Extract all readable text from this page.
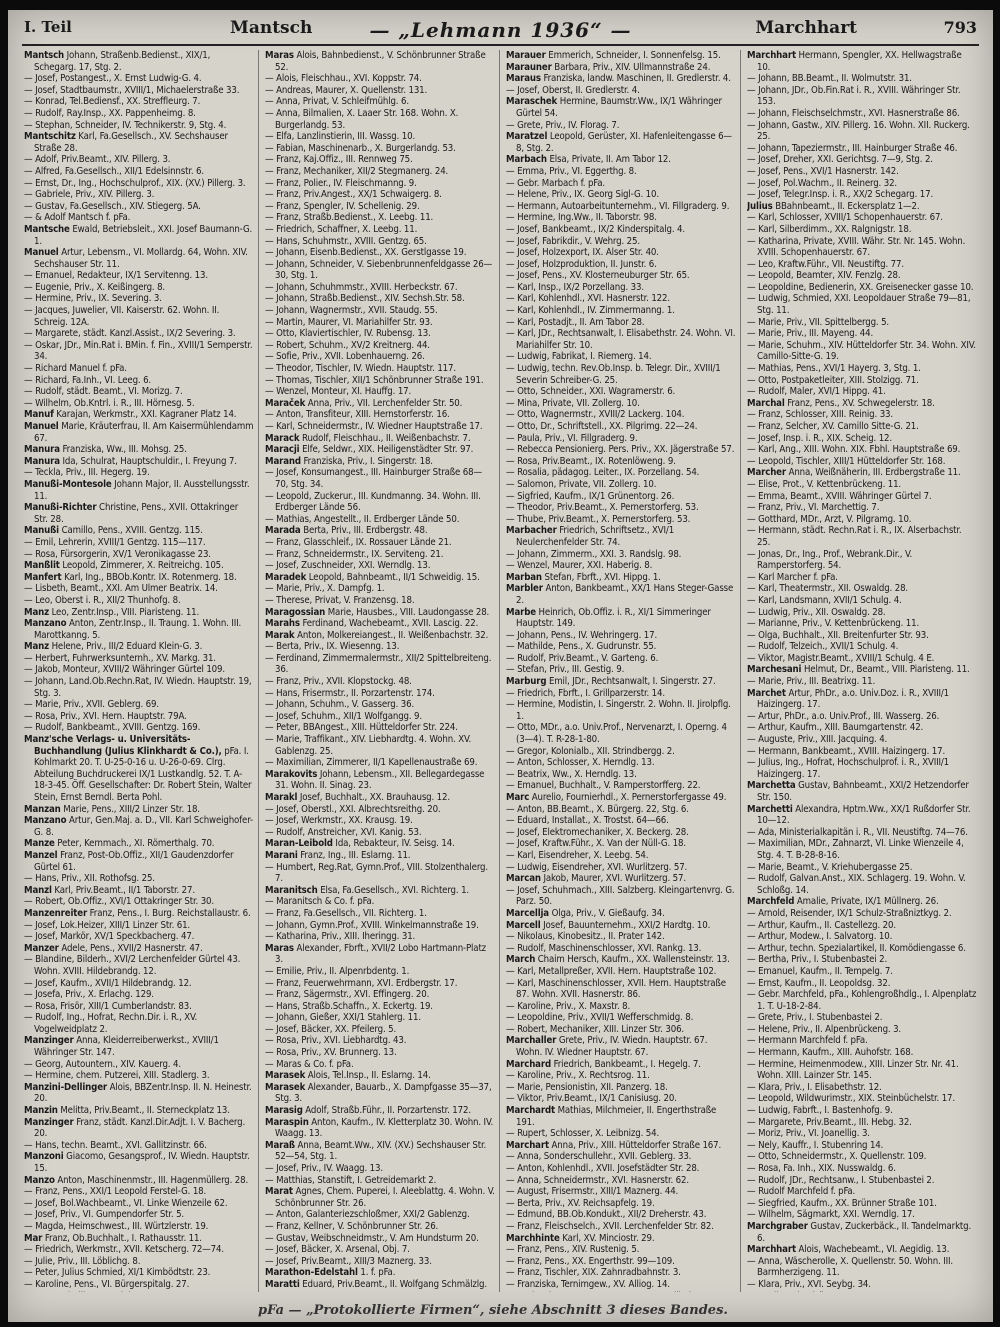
I. Teil	Mantsch	— „Lehmann 1936“ —	Marchhart	793

Mantsch Johann, Straßenb.Bedienst., XIX/1, Schegarg. 17, Stg. 2.

— Josef, Postangest., X. Ernst Ludwig-G. 4.

— Josef, Stadtbaumstr., XVIII/1, Michaelerstraße 33.

— Konrad, Tel.Bediensf., XX. Streffleurg. 7.

— Rudolf, Ray.Insp., XX. Pappenheimg. 8.

— Stephan, Schneider, IV. Technikerstr. 9, Stg. 4.

Mantschitz Karl, Fa.Gesellsch., XV. Sechshauser Straße 28.

— Adolf, Priv.Beamt., XIV. Pillerg. 3.

— Alfred, Fa.Gesellsch., XII/1 Edelsinnstr. 6.

— Ernst, Dr., Ing., Hochschulprof., XIX. (XV.) Pillerg. 3.

— Gabriele, Priv., XIV. Pillerg. 3.

— Gustav, Fa.Gesellsch., XIV. Stiegerg. 5A.

— & Adolf Mantsch f. pFa.

Mantsche Ewald, Betriebsleit., XXI. Josef Baumann-G. 1.

Manuel Artur, Lebensm., VI. Mollardg. 64, Wohn. XIV. Sechshauser Str. 11.

— Emanuel, Redakteur, IX/1 Servitenng. 13.

— Eugenie, Priv., X. Keißingerg. 8.

— Hermine, Priv., IX. Severing. 3.

— Jacques, Juwelier, VII. Kaiserstr. 62. Wohn. II. Schreig. 12A.

— Margarete, städt. Kanzl.Assist., IX/2 Severing. 3.

— Oskar, JDr., Min.Rat i. BMin. f. Fin., XVIII/1 Semperstr. 34.

— Richard Manuel f. pFa.

— Richard, Fa.Inh., VI. Leeg. 6.

— Rudolf, städt. Beamt., VI. Morizg. 7.

— Wilhelm, Ob.Kntrl. i. R., III. Hörnesg. 5.

Manuf Karajan, Werkmstr., XXI. Kagraner Platz 14.

Manuel Marie, Kräuterfrau, II. Am Kaisermühlendamm 67.

Manura Franziska, Ww., III. Mohsg. 25.

Manura Ida, Schulrat, Hauptschuldir., I. Freyung 7.

— Teckla, Priv., III. Hegerg. 19.

Manußi-Montesole Johann Major, II. Ausstellungsstr. 11.

Manußi-Richter Christine, Pens., XVII. Ottakringer Str. 28.

Manußi Camillo, Pens., XVIII. Gentzg. 115.

— Emil, Lehrerin, XVIII/1 Gentzg. 115—117.

— Rosa, Fürsorgerin, XV/1 Veronikagasse 23.

Manßlit Leopold, Zimmerer, X. Reitreichg. 105.

Manfert Karl, Ing., BBOb.Kontr. IX. Rotenmerg. 18.

— Lisbeth, Beamt., XXI. Am Ulmer Beatrix. 14.

— Leo, Oberst i. R., XII/2 Thunhofg. 8.

Manz Leo, Zentr.Insp., VIII. Piaristeng. 11.

Manzano Anton, Zentr.Insp., II. Traung. 1. Wohn. III. Marottkanng. 5.

Manz Helene, Priv., III/2 Eduard Klein-G. 3.

— Herbert, Fuhrwerksunternh., XV. Markg. 31.

— Jakob, Monteur, XVIII/2 Währinger Gürtel 109.

— Johann, Land.Ob.Rechn.Rat, IV. Wiedn. Hauptstr. 19, Stg. 3.

— Marie, Priv., XVII. Geblerg. 69.

— Rosa, Priv., XVI. Hern. Hauptstr. 79A.

— Rudolf, Bankbeamt., XVIII. Gentzg. 169.

Manz'sche Verlags- u. Universitäts-Buchhandlung (Julius Klinkhardt & Co.), pFa. I. Kohlmarkt 20. T. U-25-0-16 u. U-26-0-69. Clrg. Abteilung Buchdruckerei IX/1 Lustkandlg. 52. T. A-18-3-45. Öff. Gesellschafter: Dr. Robert Stein, Walter Stein, Ernst Berndl. Berta Pohl.

Manzan Marie, Pens., XIII/2 Linzer Str. 18.

Manzano Artur, Gen.Maj. a. D., VII. Karl Schweighofer-G. 8.

Manze Peter, Kernmach., XI. Römerthalg. 70.

Manzel Franz, Post-Ob.Offiz., XII/1 Gaudenzdorfer Gürtel 61.

— Hans, Priv., XII. Rothofsg. 25.

Manzl Karl, Priv.Beamt., II/1 Taborstr. 27.

— Robert, Ob.Offiz., XVI/1 Ottakringer Str. 30.

Manzenreiter Franz, Pens., I. Burg. Reichstallaustr. 6.

— Josef, Lok.Heizer, XIII/1 Linzer Str. 61.

— Josef, Markör, XV/1 Speckbacherg. 47.

Manzer Adele, Pens., XVII/2 Hasnerstr. 47.

— Blandine, Bilderh., XVI/2 Lerchenfelder Gürtel 43. Wohn. XVIII. Hildebrandg. 12.

— Josef, Kaufm., XVII/1 Hildebrandg. 12.

— Josefa, Priv., X. Erlachg. 129.

— Rosa, Frisör, XIII/1 Cumberlandstr. 83.

— Rudolf, Ing., Hofrat, Rechn.Dir. i. R., XV. Vogelweidplatz 2.

Manzinger Anna, Kleiderreiberwerkst., XVIII/1 Währinger Str. 147.

— Georg, Autountern., XIV. Kauerg. 4.

— Hermine, chem. Putzerei, XIII. Stadlerg. 3.

Manzini-Dellinger Alois, BBZentr.Insp. II. N. Heinestr. 20.

Manzin Melitta, Priv.Beamt., II. Sterneckplatz 13.

Manzinger Franz, städt. Kanzl.Dir.Adjt. I. V. Bacherg. 20.

— Hans, techn. Beamt., XVI. Gallitzinstr. 66.

Manzoni Giacomo, Gesangsprof., IV. Wiedn. Hauptstr. 15.

Manzo Anton, Maschinenmstr., III. Hagenmüllerg. 28.

— Franz, Pens., XXI/1 Leopold Ferstel-G. 18.

— Josef, Bol.Wachbeamt., VI. Linke Wienzeile 62.

— Josef, Priv., VI. Gumpendorfer Str. 5.

— Magda, Heimschwest., III. Würtzlerstr. 19.

Mar Franz, Ob.Buchhalt., I. Rathausstr. 11.

— Friedrich, Werkmstr., XVII. Ketscherg. 72—74.

— Julie, Priv., III. Löblichg. 8.

— Peter, Julius Schmied, XI/1 Kimbödtstr. 23.

— Karoline, Pens., VI. Bürgerspitalg. 27.

Maras Alois, Bahnbedienst., V. Schönbrunner Straße 52.

— Alois, Fleischhau., XVI. Koppstr. 74.

— Andreas, Maurer, X. Quellenstr. 131.

— Anna, Privat, V. Schleifmühlg. 6.

— Anna, Bilmalien, X. Laaer Str. 168. Wohn. X. Burgerlandg. 53.

— Elfa, Lanzlinstierin, III. Wassg. 10.

— Fabian, Maschinenarb., X. Burgerlandg. 53.

— Franz, Kaj.Offiz., III. Rennweg 75.

— Franz, Mechaniker, XII/2 Stegmanerg. 24.

— Franz, Polier., IV. Fleischmanng. 9.

— Franz, Priv.Angest., XX/1 Schwaigerg. 8.

— Franz, Spengler, IV. Schellenig. 29.

— Franz, Straßb.Bedienst., X. Leebg. 11.

— Friedrich, Schaffner, X. Leebg. 11.

— Hans, Schuhmstr., XVIII. Gentzg. 65.

— Johann, Eisenb.Bedienst., XX. Gerstlgasse 19.

— Johann, Schneider, V. Siebenbrunnenfeldgasse 26—30, Stg. 1.

— Johann, Schuhmmstr., XVIII. Herbeckstr. 67.

— Johann, Straßb.Bedienst., XIV. Sechsh.Str. 58.

— Johann, Wagnermstr., XVII. Staudg. 55.

— Martin, Maurer, VI. Mariahilfer Str. 93.

— Otto, Klaviertischler, IV. Rubensg. 13.

— Robert, Schuhm., XV/2 Kreitnerg. 44.

— Sofie, Priv., XVII. Lobenhauerng. 26.

— Theodor, Tischler, IV. Wiedn. Hauptstr. 117.

— Thomas, Tischler, XII/1 Schönbrunner Straße 191.

— Wenzel, Monteur, XI. Hauffg. 17.

Maraček Anna, Priv., VII. Lerchenfelder Str. 50.

— Anton, Transfiteur, XIII. Hernstorferstr. 16.

— Karl, Schneidermstr., IV. Wiedner Hauptstraße 17.

Marack Rudolf, Fleischhau., II. Weißenbachstr. 7.

Maracji Elfe, Seldwr., XIX. Heiligenstädter Str. 97.

Marand Franziska, Priv., I. Singerstr. 18.

— Josef, Konsumangest., III. Hainburger Straße 68—70, Stg. 34.

— Leopold, Zuckerur., III. Kundmanng. 34. Wohn. III. Erdberger Lände 56.

— Mathias, Angestellt., II. Erdberger Lände 50.

Marada Berta, Priv., III. Erdbergstr. 48.

— Franz, Glasschleif., IX. Rossauer Lände 21.

— Franz, Schneidermstr., IX. Serviteng. 21.

— Josef, Zuschneider, XXI. Werndlg. 13.

Maradek Leopold, Bahnbeamt., II/1 Schweidig. 15.

— Marie, Priv., X. Dampfg. 1.

— Therese, Privat, V. Franzensg. 18.

Maragossian Marie, Hausbes., VIII. Laudongasse 28.

Marahs Ferdinand, Wachebeamt., XVII. Lascig. 22.

Marak Anton, Molkereiangest., II. Weißenbachstr. 32.

— Berta, Priv., IX. Wiesenng. 13.

— Ferdinand, Zimmermalermstr., XII/2 Spittelbreiteng. 36.

— Franz, Priv., XVII. Klopstockg. 48.

— Hans, Frisermstr., II. Porzartenstr. 174.

— Johann, Schuhm., V. Gasserg. 36.

— Josef, Schuhm., XII/1 Wolfgangg. 9.

— Peter, BBAngest., XIII. Hütteldorfer Str. 224.

— Marie, Traffikant., XIV. Liebhardtg. 4. Wohn. XV. Gablenzg. 25.

— Maximilian, Zimmerer, II/1 Kapellenaustraße 69.

Marakovits Johann, Lebensm., XII. Bellegardegasse 31. Wohn. II. Sinag. 23.

Marakl Josef, Buchhalt., XX. Brauhausg. 12.

— Josef, Oberstl., XXI. Albrechtsreithg. 20.

— Josef, Werkmstr., XX. Krausg. 19.

— Rudolf, Anstreicher, XVI. Kanig. 53.

Maran-Leibold Ida, Rebakteur, IV. Seisg. 14.

Marani Franz, Ing., III. Eslarng. 11.

— Humbert, Reg.Rat, Gymn.Prof., VIII. Stolzenthalerg. 7.

Maranitsch Elsa, Fa.Gesellsch., XVI. Richterg. 1.

— Maranitsch & Co. f. pFa.

— Franz, Fa.Gesellsch., VII. Richterg. 1.

— Johann, Gymn.Prof., XVIII. Winkelmannstraße 19.

— Katharina, Priv., XIII. Iheringg. 31.

Maras Alexander, Fbrft., XVII/2 Lobo Hartmann-Platz 3.

— Emilie, Priv., II. Alpenrbdentg. 1.

— Franz, Feuerwehrmann, XVI. Erdbergstr. 17.

— Franz, Sägermstr., XVI. Effingerg. 20.

— Hans, Straßb.Schaffn., X. Eckertg. 19.

— Johann, Gießer, XXI/1 Stahlerg. 11.

— Josef, Bäcker, XX. Pfeilerg. 5.

— Rosa, Priv., XVI. Liebhardtg. 43.

— Rosa, Priv., XV. Brunnerg. 13.

— Maras & Co. f. pFa.

Marasek Alois, Tel.Insp., II. Eslarng. 14.

Marasek Alexander, Bauarb., X. Dampfgasse 35—37, Stg. 3.

Marasig Adolf, Straßb.Führ., II. Porzartenstr. 172.

Maraspin Anton, Kaufm., IV. Kletterplatz 30. Wohn. IV. Waagg. 13.

Maraß Anna, Beamt.Ww., XIV. (XV.) Sechshauser Str. 52—54, Stg. 1.

— Josef, Priv., IV. Waagg. 13.

— Matthias, Stanstift, I. Getreidemarkt 2.

Marat Agnes, Chem. Puperei, I. Aleeblattg. 4. Wohn. V. Schönbrunner Str. 26.

— Anton, Galanteriezschloßmer, XXI/2 Gablenzg.

— Franz, Kellner, V. Schönbrunner Str. 26.

— Gustav, Weibschneidmstr., V. Am Hundsturm 20.

— Josef, Bäcker, X. Arsenal, Obj. 7.

— Josef, Priv.Beamt., XIII/3 Maznerg. 33.

Marathon-Edelstahl 1. f. pFa.

Maratti Eduard, Priv.Beamt., II. Wolfgang Schmälzlg.

Marauer Emmerich, Schneider, I. Sonnenfelsg. 15.

Marauner Barbara, Priv., XIV. Ullmannstraße 24.

Maraus Franziska, landw. Maschinen, II. Gredlerstr. 4.

— Josef, Oberst, II. Gredlerstr. 4.

Maraschek Hermine, Baumstr.Ww., IX/1 Währinger Gürtel 54.

— Grete, Priv., IV. Florag. 7.

Maratzel Leopold, Gerüster, XI. Hafenleitengasse 6—8, Stg. 2.

Marbach Elsa, Private, II. Am Tabor 12.

— Emma, Priv., VI. Eggerthg. 8.

— Gebr. Marbach f. pFa.

— Helene, Priv., IX. Georg Sigl-G. 10.

— Hermann, Autoarbeitunternehm., VI. Fillgraderg. 9.

— Hermine, Ing.Ww., II. Taborstr. 98.

— Josef, Bankbeamt., IX/2 Kinderspitalg. 4.

— Josef, Fabrikdir., V. Wehrg. 25.

— Josef, Holzexport, IX. Alser Str. 40.

— Josef, Holzproduktion, II. Junstr. 6.

— Josef, Pens., XV. Klosterneuburger Str. 65.

— Karl, Insp., IX/2 Porzellang. 33.

— Karl, Kohlenhdl., XVI. Hasnerstr. 122.

— Karl, Kohlenhdl., IV. Zimmermanng. 1.

— Karl, Postadjt., II. Am Tabor 28.

— Karl, JDr., Rechtsanwalt, I. Elisabethstr. 24. Wohn. VI. Mariahilfer Str. 10.

— Ludwig, Fabrikat, I. Riemerg. 14.

— Ludwig, techn. Rev.Ob.Insp. b. Telegr. Dir., XVIII/1 Severin Schreiber-G. 25.

— Otto, Schneider., XXI. Wagramerstr. 6.

— Mina, Private, VII. Zollerg. 10.

— Otto, Wagnermstr., XVIII/2 Lackerg. 104.

— Otto, Dr., Schriftstell., XX. Pilgrimg. 22—24.

— Paula, Priv., VI. Fillgraderg. 9.

— Rebecca Pensionierg. Pers. Priv., XX. Jägerstraße 57.

— Rosa, Priv.Beamt., IX. Rotenlöweng. 9.

— Rosalia, pädagog. Leiter., IX. Porzellang. 54.

— Salomon, Private, VII. Zollerg. 10.

— Sigfried, Kaufm., IX/1 Grünentorg. 26.

— Theodor, Priv.Beamt., X. Pernerstorferg. 53.

— Thube, Priv.Beamt., X. Pernerstorferg. 53.

Marbacher Friedrich, Schriftsetz., XVI/1 Neulerchenfelder Str. 74.

— Johann, Zimmerm., XXI. 3. Randslg. 98.

— Wenzel, Maurer, XXI. Haberig. 8.

Marban Stefan, Fbrft., XVI. Hippg. 1.

Marbler Anton, Bankbeamt., XX/1 Hans Steger-Gasse 2.

Marbe Heinrich, Ob.Offiz. i. R., XI/1 Simmeringer Hauptstr. 149.

— Johann, Pens., IV. Wehringerg. 17.

— Mathilde, Pens., X. Gudrunstr. 55.

— Rudolf, Priv.Beamt., V. Garteng. 6.

— Stefan, Priv., III. Gestig. 9.

Marburg Emil, JDr., Rechtsanwalt, I. Singerstr. 27.

— Friedrich, Fbrft., I. Grillparzerstr. 14.

— Hermine, Modistin, I. Singerstr. 2. Wohn. II. Jirolpflg. 1.

— Otto, MDr., a.o. Univ.Prof., Nervenarzt, I. Operng. 4 (3—4). T. R-28-1-80.

— Gregor, Kolonialb., XII. Strindbergg. 2.

— Anton, Schlosser, X. Herndlg. 13.

— Beatrix, Ww., X. Herndlg. 13.

— Emanuel, Buchhalt., V. Ramperstorfferg. 22.

Marc Aurelio, Fournierhdl., X. Pernerstorfergasse 49.

— Anton, BB.Beamt., X. Bürgerg. 22, Stg. 6.

— Eduard, Installat., X. Trostst. 64—66.

— Josef, Elektromechaniker, X. Beckerg. 28.

— Josef, Kraftw.Führ., X. Van der Nüll-G. 18.

— Karl, Eisendreher, X. Leebg. 54.

— Ludwig, Eisendreher, XVI. Wurlitzerg. 57.

Marcan Jakob, Maurer, XVI. Wurlitzerg. 57.

— Josef, Schuhmach., XIII. Salzberg. Kleingartenvrg. G. Parz. 50.

Marcellja Olga, Priv., V. Gießaufg. 34.

Marcell Josef, Bauunternehm., XXI/2 Hardtg. 10.

— Nikolaus, Kinobesitz., II. Prater 142.

— Rudolf, Maschinenschlosser, XVI. Rankg. 13.

March Chaim Hersch, Kaufm., XX. Wallensteinstr. 13.

— Karl, Metallpreßer, XVII. Hern. Hauptstraße 102.

— Karl, Maschinenschlosser, XVII. Hern. Hauptstraße 87. Wohn. XVII. Hasnerstr. 86.

— Karoline, Priv., X. Maxstr. 8.

— Leopoldine, Priv., XVII/1 Wefferschmidg. 8.

— Robert, Mechaniker, XIII. Linzer Str. 306.

Marchaller Grete, Priv., IV. Wiedn. Hauptstr. 67. Wohn. IV. Wiedner Hauptstr. 67.

Marchard Friedrich, Bankbeamt., I. Hegelg. 7.

— Karoline, Priv., X. Rechtsrog. 11.

— Marie, Pensionistin, XII. Panzerg. 18.

— Viktor, Priv.Beamt., IX/1 Canisiusg. 20.

Marchardt Mathias, Milchmeier, II. Engerthstraße 191.

— Rupert, Schlosser, X. Leibnizg. 54.

Marchart Anna, Priv., XIII. Hütteldorfer Straße 167.

— Anna, Sonderschullehr., XVII. Geblerg. 33.

— Anton, Kohlenhdl., XVII. Josefstädter Str. 28.

— Anna, Schneidermstr., XVI. Hasnerstr. 62.

— August, Frisermstr., XIII/1 Maznerg. 44.

— Berta, Priv., XV. Reichsapfelg. 19.

— Edmund, BB.Ob.Kondukt., XII/2 Dreherstr. 43.

— Franz, Fleischselch., XVII. Lerchenfelder Str. 82.

Marchhinte Karl, XV. Minciostr. 29.

— Franz, Pens., XIV. Rustenig. 5.

— Franz, Pens., XX. Engerthstr. 99—109.

— Franz, Tischler, XIX. Zahnradbahnstr. 3.

— Franziska, Ternimgew., XV. Alliog. 14.

Marchhart Hermann, Spengler, XX. Hellwagstraße 10.

— Johann, BB.Beamt., II. Wolmutstr. 31.

— Johann, JDr., Ob.Fin.Rat i. R., XVIII. Währinger Str. 153.

— Johann, Fleischselchmstr., XVI. Hasnerstraße 86.

— Johann, Gastw., XIV. Pillerg. 16. Wohn. XII. Ruckerg. 25.

— Johann, Tapeziermstr., III. Hainburger Straße 46.

— Josef, Dreher, XXI. Gerichtsg. 7—9, Stg. 2.

— Josef, Pens., XVI/1 Hasnerstr. 142.

— Josef, Pol.Wachm., II. Reinerg. 32.

— Josef, Telegr.Insp. i. R., XX/2 Schegarg. 17.

Julius BBahnbeamt., II. Eckersplatz 1—2.

— Karl, Schlosser, XVIII/1 Schopenhauerstr. 67.

— Karl, Silberdimm., XX. Ralgnigstr. 18.

— Katharina, Private, XVIII. Währ. Str. Nr. 145. Wohn. XVIII. Schopenhauerstr. 67.

— Leo, Kraftw.Führ., VII. Neustiftg. 77.

— Leopold, Beamter, XIV. Fenzlg. 28.

— Leopoldine, Bedienerin, XX. Greisenecker gasse 10.

— Ludwig, Schmied, XXI. Leopoldauer Straße 79—81, Stg. 11.

— Marie, Priv., VII. Spittelbergg. 5.

— Marie, Priv., III. Mayeng. 44.

— Marie, Schuhm., XIV. Hütteldorfer Str. 34. Wohn. XIV. Camillo-Sitte-G. 19.

— Mathias, Pens., XVI/1 Hayerg. 3, Stg. 1.

— Otto, Postpaketleiter, XIII. Stolzigg. 71.

— Rudolf, Maler, XVI/1 Hippg. 41.

Marchal Franz, Pens., XV. Schwegelerstr. 18.

— Franz, Schlosser, XIII. Reinig. 33.

— Franz, Selcher, XV. Camillo Sitte-G. 21.

— Josef, Insp. i. R., XIX. Scheig. 12.

— Karl, Ang., XIII. Wohn. XIX. Fbhl. Hauptstraße 69.

— Leopold, Tischler, XIII/1 Hütteldorfer Str. 168.

Marcher Anna, Weißnäherin, III. Erdbergstraße 11.

— Elise, Prot., V. Kettenbrückeng. 11.

— Emma, Beamt., XVIII. Währinger Gürtel 7.

— Franz, Priv., VI. Marchettig. 7.

— Gotthard, MDr., Arzt, V. Pilgramg. 10.

— Hermann, städt. Rechn.Rat i. R., IX. Alserbachstr. 25.

— Jonas, Dr., Ing., Prof., Webrank.Dir., V. Ramperstorferg. 54.

— Karl Marcher f. pFa.

— Karl, Theatermstr., XII. Oswaldg. 28.

— Karl, Landsmann, XVII/1 Schulg. 4.

— Ludwig, Priv., XII. Oswaldg. 28.

— Marianne, Priv., V. Kettenbrückeng. 11.

— Olga, Buchhalt., XII. Breitenfurter Str. 93.

— Rudolf, Telzeich., XVII/1 Schulg. 4.

— Viktor, Magistr.Beamt., XVIII/1 Schulg. 4 E.

Marchesani Helmut, Dr., Beamt., VIII. Piaristeng. 11.

— Marie, Priv., III. Beatrixg. 11.

Marchet Artur, PhDr., a.o. Univ.Doz. i. R., XVIII/1 Haizingerg. 17.

— Artur, PhDr., a.o. Univ.Prof., III. Wasserg. 26.

— Arthur, Kaufm., XIII. Baumgartenstr. 42.

— Auguste, Priv., XIII. Jacquing. 4.

— Hermann, Bankbeamt., XVIII. Haizingerg. 17.

— Julius, Ing., Hofrat, Hochschulprof. i. R., XVIII/1 Haizingerg. 17.

Marchetta Gustav, Bahnbeamt., XXI/2 Hetzendorfer Str. 150.

Marchetti Alexandra, Hptm.Ww., XX/1 Rußdorfer Str. 10—12.

— Ada, Ministerialkapitän i. R., VII. Neustiftg. 74—76.

— Maximilian, MDr., Zahnarzt, VI. Linke Wienzeile 4, Stg. 4. T. B-28-8-16.

— Marie, Beamt., V. Kriehubergasse 25.

— Rudolf, Galvan.Anst., XIX. Schlagerg. 19. Wohn. V. Schloßg. 14.

Marchfeld Amalie, Private, IX/1 Müllnerg. 26.

— Arnold, Reisender, IX/1 Schulz-Straßniztkyg. 2.

— Arthur, Kaufm., II. Castellezg. 20.

— Arthur, Modew., I. Salvatorg. 10.

— Arthur, techn. Spezialartikel, II. Komödiengasse 6.

— Bertha, Priv., I. Stubenbastei 2.

— Emanuel, Kaufm., II. Tempelg. 7.

— Ernst, Kaufm., II. Leopoldsg. 32.

— Gebr. Marchfeld, pFa., Kohlengroßhdlg., I. Alpenplatz 1. T. U-18-2-84.

— Grete, Priv., I. Stubenbastei 2.

— Helene, Priv., II. Alpenbrückeng. 3.

— Hermann Marchfeld f. pFa.

— Hermann, Kaufm., XIII. Auhofstr. 168.

— Hermine, Heimenmodew., XIII. Linzer Str. Nr. 41. Wohn. XIII. Lainzer Str. 145.

— Klara, Priv., I. Elisabethstr. 12.

— Leopold, Wildwurimstr., XIX. Steinbüchelstr. 17.

— Ludwig, Fabrft., I. Bastenhofg. 9.

— Margarete, Priv.Beamt., III. Hebg. 32.

— Moriz, Priv., VI. Joanellig. 3.

— Nely, Kauffr., I. Stubenring 14.

— Otto, Schneidermstr., X. Quellenstr. 109.

— Rosa, Fa. Inh., XIX. Nusswaldg. 6.

— Rudolf, JDr., Rechtsanw., I. Stubenbastei 2.

— Rudolf Marchfeld f. pFa.

— Siegfried, Kaufm., XX. Brünner Straße 101.

— Wilhelm, Sägmarkt, XXI. Werndlg. 17.

Marchgraber Gustav, Zuckerbäck., II. Tandelmarktg. 6.

Marchhart Alois, Wachebeamt., VI. Aegidig. 13.

— Anna, Wäscherolle, X. Quellenstr. 50. Wohn. III. Barmherzigeng. 11.

— Klara, Priv., XVI. Seybg. 34.

pFa — „Protokollierte Firmen“, siehe Abschnitt 3 dieses Bandes.
